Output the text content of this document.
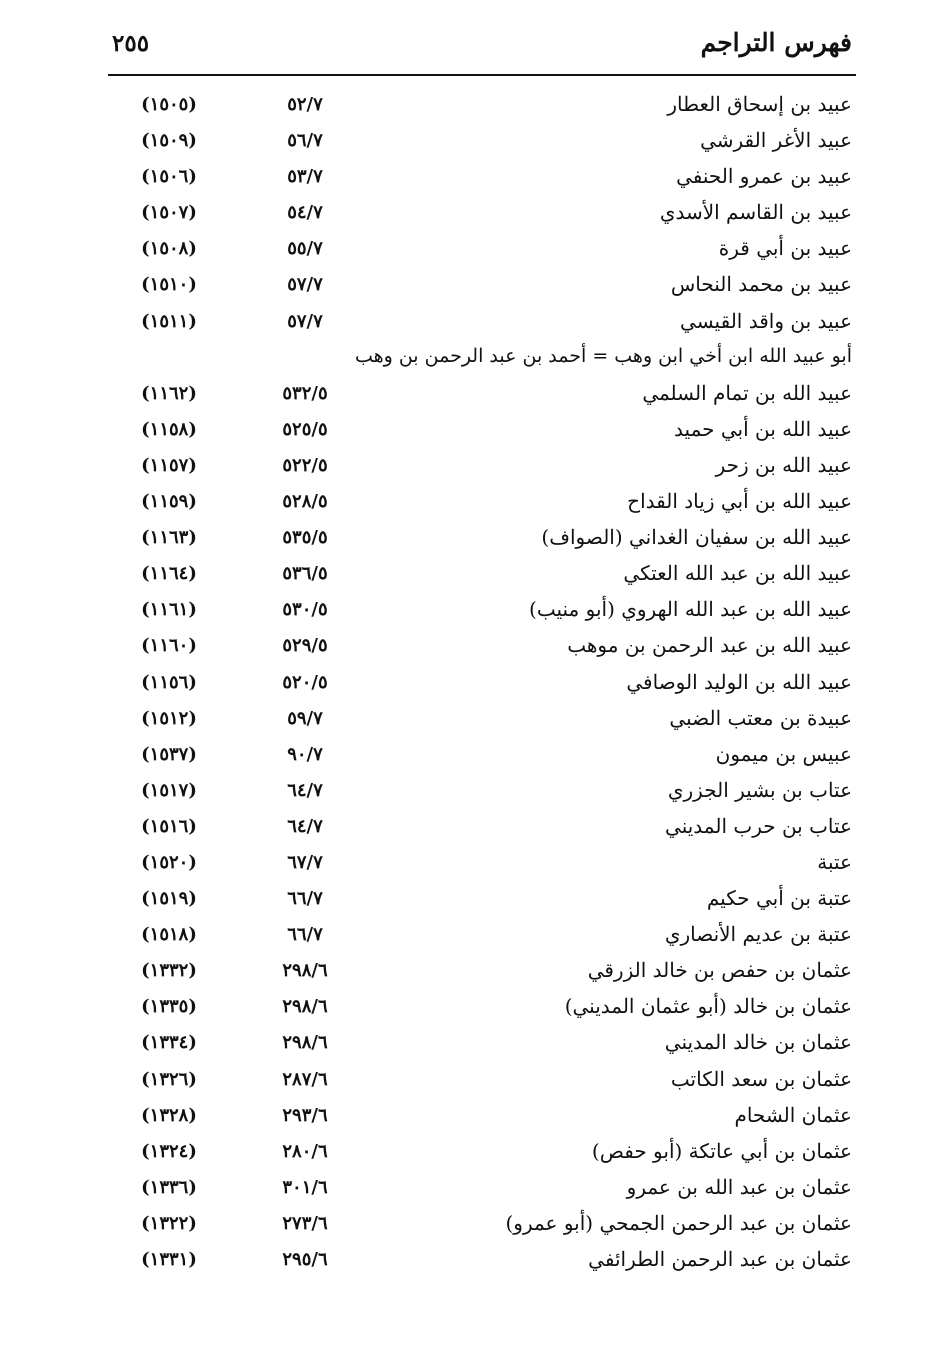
فهرس التراجم
٢٥٥
عبيد بن إسحاق العطار
٥٢/٧
(١٥٠٥)
عبيد الأغر القرشي
٥٦/٧
(١٥٠٩)
عبيد بن عمرو الحنفي
٥٣/٧
(١٥٠٦)
عبيد بن القاسم الأسدي
٥٤/٧
(١٥٠٧)
عبيد بن أبي قرة
٥٥/٧
(١٥٠٨)
عبيد بن محمد النحاس
٥٧/٧
(١٥١٠)
عبيد بن واقد القيسي
٥٧/٧
(١٥١١)
أبو عبيد الله ابن أخي ابن وهب = أحمد بن عبد الرحمن بن وهب
عبيد الله بن تمام السلمي
٥٣٢/٥
(١١٦٢)
عبيد الله بن أبي حميد
٥٢٥/٥
(١١٥٨)
عبيد الله بن زحر
٥٢٢/٥
(١١٥٧)
عبيد الله بن أبي زياد القداح
٥٢٨/٥
(١١٥٩)
عبيد الله بن سفيان الغداني (الصواف)
٥٣٥/٥
(١١٦٣)
عبيد الله بن عبد الله العتكي
٥٣٦/٥
(١١٦٤)
عبيد الله بن عبد الله الهروي (أبو منيب)
٥٣٠/٥
(١١٦١)
عبيد الله بن عبد الرحمن بن موهب
٥٢٩/٥
(١١٦٠)
عبيد الله بن الوليد الوصافي
٥٢٠/٥
(١١٥٦)
عبيدة بن معتب الضبي
٥٩/٧
(١٥١٢)
عبيس بن ميمون
٩٠/٧
(١٥٣٧)
عتاب بن بشير الجزري
٦٤/٧
(١٥١٧)
عتاب بن حرب المديني
٦٤/٧
(١٥١٦)
عتبة
٦٧/٧
(١٥٢٠)
عتبة بن أبي حكيم
٦٦/٧
(١٥١٩)
عتبة بن عديم الأنصاري
٦٦/٧
(١٥١٨)
عثمان بن حفص بن خالد الزرقي
٢٩٨/٦
(١٣٣٢)
عثمان بن خالد (أبو عثمان المديني)
٢٩٨/٦
(١٣٣٥)
عثمان بن خالد المديني
٢٩٨/٦
(١٣٣٤)
عثمان بن سعد الكاتب
٢٨٧/٦
(١٣٢٦)
عثمان الشحام
٢٩٣/٦
(١٣٢٨)
عثمان بن أبي عاتكة (أبو حفص)
٢٨٠/٦
(١٣٢٤)
عثمان بن عبد الله بن عمرو
٣٠١/٦
(١٣٣٦)
عثمان بن عبد الرحمن الجمحي (أبو عمرو)
٢٧٣/٦
(١٣٢٢)
عثمان بن عبد الرحمن الطرائفي
٢٩٥/٦
(١٣٣١)
